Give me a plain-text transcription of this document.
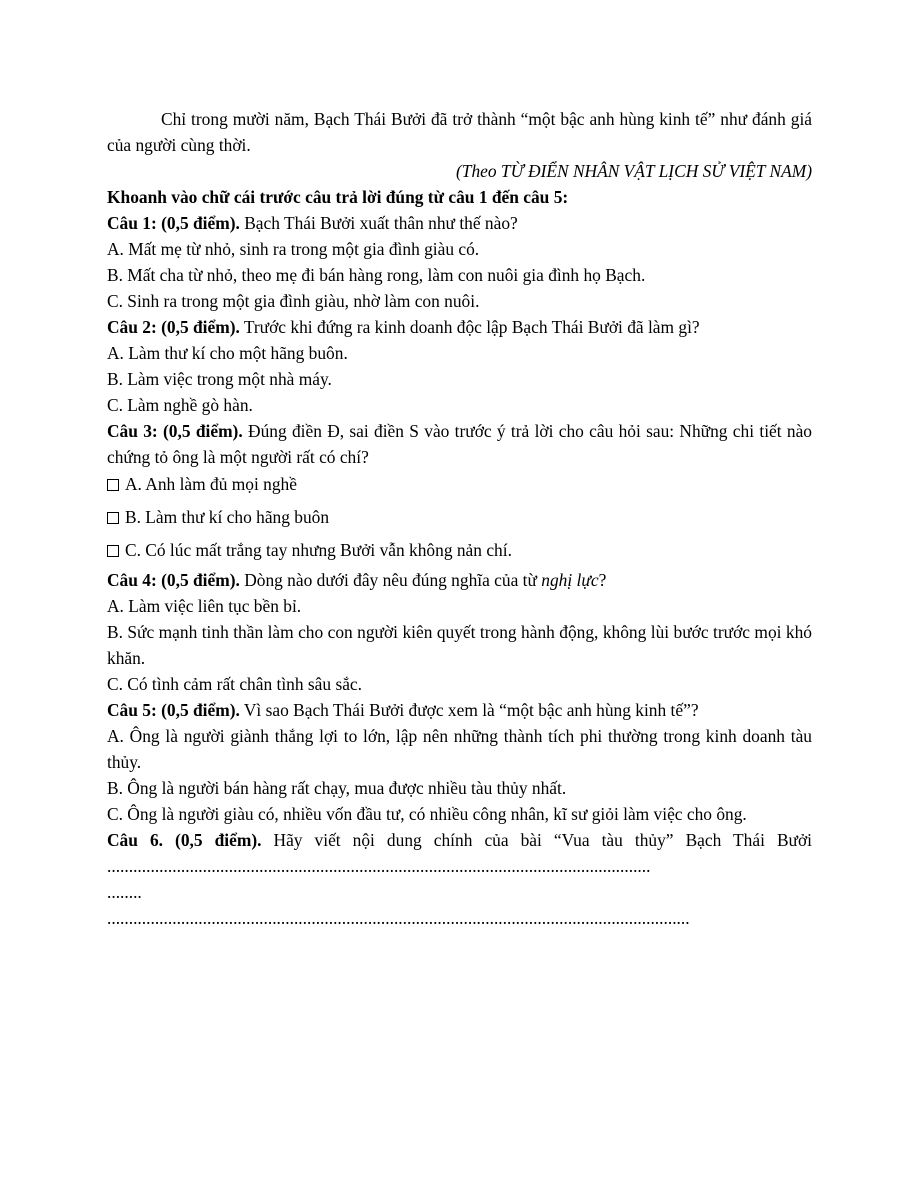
Chỉ trong mười năm, Bạch Thái Bưởi đã trở thành “một bậc anh hùng kinh tế” như đánh giá của người cùng thời.

(Theo TỪ ĐIỂN NHÂN VẬT LỊCH SỬ VIỆT NAM)

Khoanh vào chữ cái trước câu trả lời đúng từ câu 1 đến câu 5:

Câu 1: (0,5 điểm). Bạch Thái Bưởi xuất thân như thế nào?

A. Mất mẹ từ nhỏ, sinh ra trong một gia đình giàu có.

B. Mất cha từ nhỏ, theo mẹ đi bán hàng rong, làm con nuôi gia đình họ Bạch.

C. Sinh ra trong một gia đình giàu, nhờ làm con nuôi.

Câu 2: (0,5 điểm). Trước khi đứng ra kinh doanh độc lập Bạch Thái Bưởi đã làm gì?

A. Làm thư kí cho một hãng buôn.

B. Làm việc trong một nhà máy.

C. Làm nghề gò hàn.

Câu 3: (0,5 điểm). Đúng điền Đ, sai điền S vào trước ý trả lời cho câu hỏi sau: Những chi tiết nào chứng tỏ ông là một người rất có chí?

A. Anh làm đủ mọi nghề

B. Làm thư kí cho hãng buôn

C. Có lúc mất trắng tay nhưng Bưởi vẫn không nản chí.

Câu 4: (0,5 điểm). Dòng nào dưới đây nêu đúng nghĩa của từ nghị lực?

A. Làm việc liên tục bền bỉ.

B. Sức mạnh tinh thần làm cho con người kiên quyết trong hành động, không lùi bước trước mọi khó khăn.

C. Có tình cảm rất chân tình sâu sắc.

Câu 5: (0,5 điểm). Vì sao Bạch Thái Bưởi được xem là “một bậc anh hùng kinh tế”?

A. Ông là người giành thắng lợi to lớn, lập nên những thành tích phi thường trong kinh doanh tàu thủy.

B. Ông là người bán hàng rất chạy, mua được nhiều tàu thủy nhất.

C. Ông là người giàu có, nhiều vốn đầu tư, có nhiều công nhân, kĩ sư giỏi làm việc cho ông.

Câu 6. (0,5 điểm). Hãy viết nội dung chính của bài “Vua tàu thủy” Bạch Thái Bưởi .............................................................................................................................

........

......................................................................................................................................
